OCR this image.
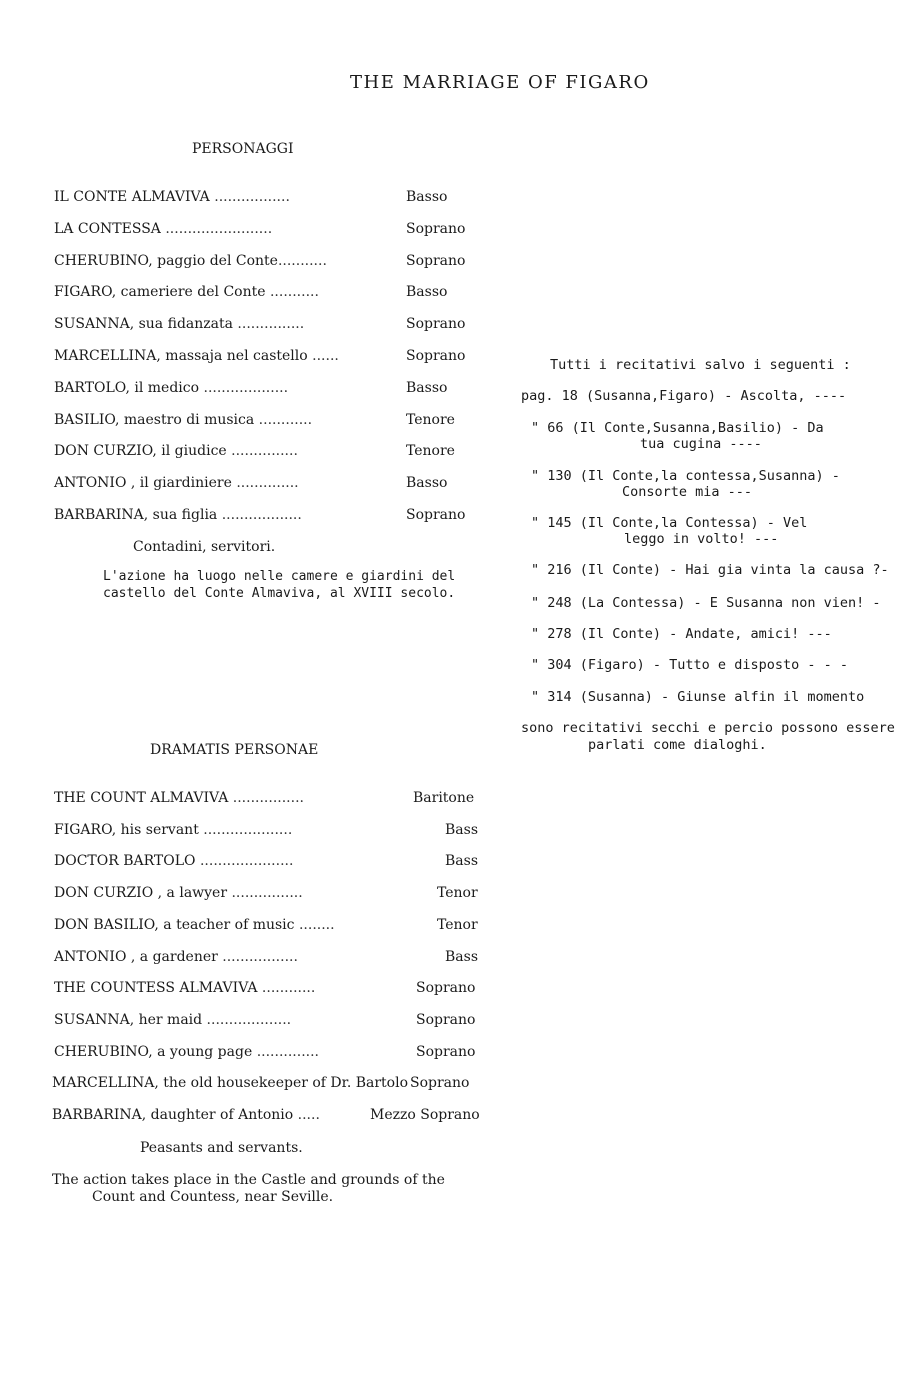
THE MARRIAGE OF FIGARO
PERSONAGGI
IL CONTE ALMAVIVA .................	Basso
LA CONTESSA ........................	Soprano
CHERUBINO, paggio del Conte...........	Soprano
FIGARO, cameriere del Conte ...........	Basso
SUSANNA, sua fidanzata ...............	Soprano
MARCELLINA, massaja nel castello ......	Soprano
BARTOLO, il medico ...................	Basso
BASILIO, maestro di musica ............	Tenore
DON CURZIO, il giudice ...............	Tenore
ANTONIO , il giardiniere ..............	Basso
BARBARINA, sua figlia ..................	Soprano
Contadini, servitori.
L'azione ha luogo nelle camere e giardini del
castello del Conte Almaviva, al XVIII secolo.
Tutti i recitativi salvo i seguenti :
pag. 18 (Susanna,Figaro) - Ascolta, ----
" 66 (Il Conte,Susanna,Basilio) - Da
tua cugina ----
" 130 (Il Conte,la contessa,Susanna) -
Consorte mia ---
" 145 (Il Conte,la Contessa) - Vel
leggo in volto! ---
" 216 (Il Conte) - Hai gia vinta la causa ?-
" 248 (La Contessa) - E Susanna non vien! -
" 278 (Il Conte) - Andate, amici! ---
" 304 (Figaro) - Tutto e disposto - - -
" 314 (Susanna) - Giunse alfin il momento
sono recitativi secchi e percio possono essere
parlati come dialoghi.
DRAMATIS PERSONAE
THE COUNT ALMAVIVA ................	Baritone
FIGARO, his servant ....................	Bass
DOCTOR BARTOLO .....................	Bass
DON CURZIO , a lawyer ................	Tenor
DON BASILIO, a teacher of music ........	Tenor
ANTONIO , a gardener .................	Bass
THE COUNTESS ALMAVIVA ............	Soprano
SUSANNA, her maid ...................	Soprano
CHERUBINO, a young page ..............	Soprano
MARCELLINA, the old housekeeper of Dr. Bartolo Soprano
BARBARINA, daughter of Antonio .....	Mezzo Soprano
Peasants and servants.
The action takes place in the Castle and grounds of the
Count and Countess, near Seville.
